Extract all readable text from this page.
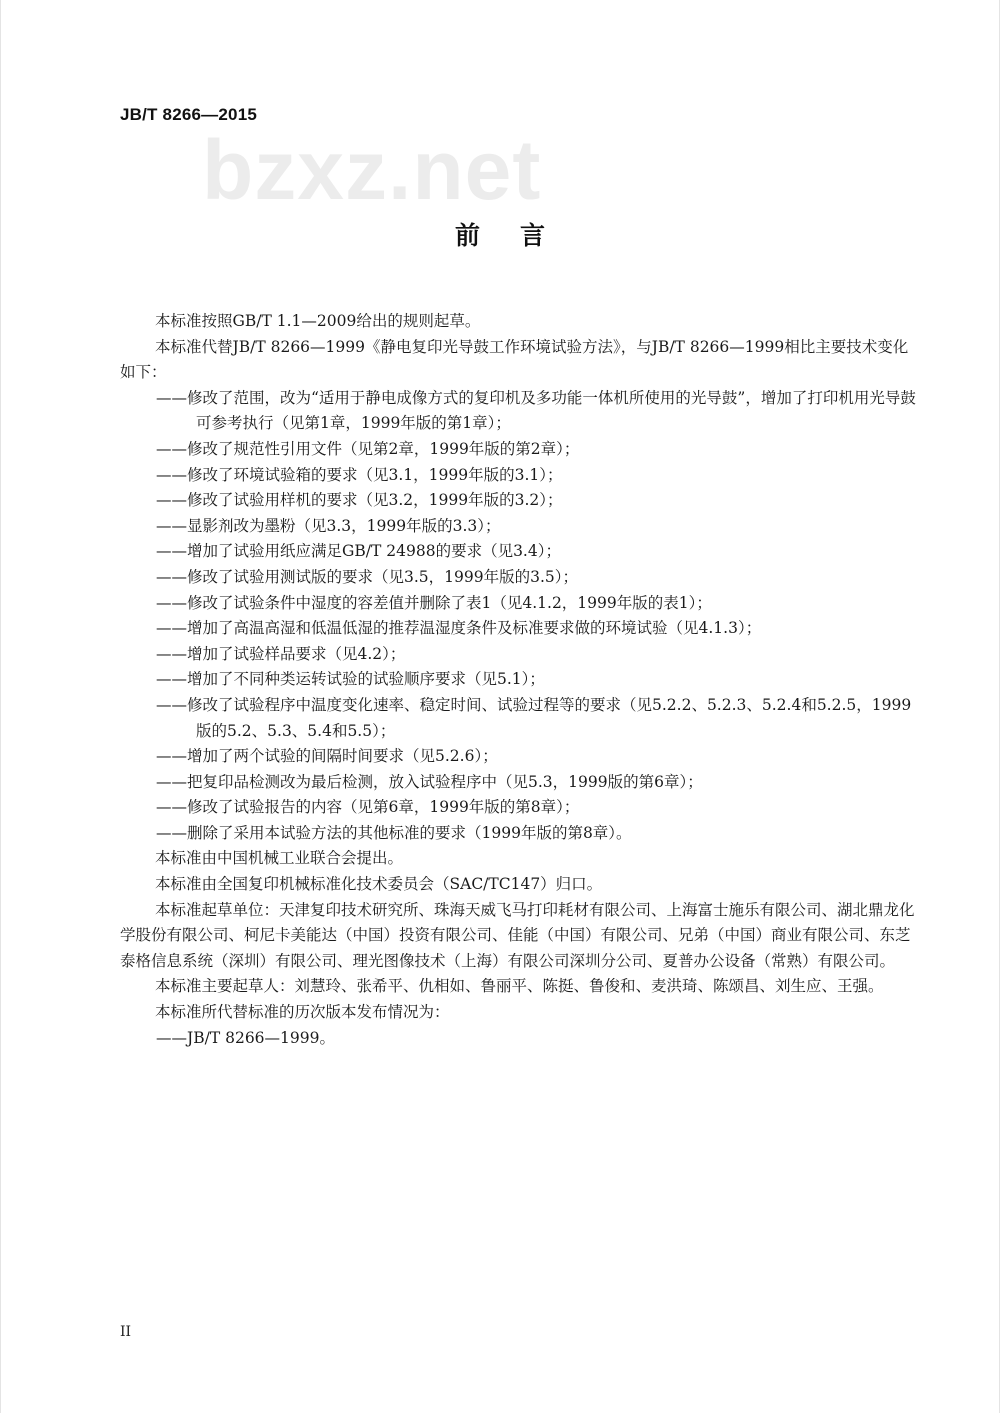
JB/T 8266—2015
bzxz.net
前言

本标准按照GB/T 1.1—2009给出的规则起草。

本标准代替JB/T 8266—1999《静电复印光导鼓工作环境试验方法》，与JB/T 8266—1999相比主要技术变化如下：

——修改了范围，改为“适用于静电成像方式的复印机及多功能一体机所使用的光导鼓”，增加了打印机用光导鼓可参考执行（见第1章，1999年版的第1章）；

——修改了规范性引用文件（见第2章，1999年版的第2章）；

——修改了环境试验箱的要求（见3.1，1999年版的3.1）；

——修改了试验用样机的要求（见3.2，1999年版的3.2）；

——显影剂改为墨粉（见3.3，1999年版的3.3）；

——增加了试验用纸应满足GB/T 24988的要求（见3.4）；

——修改了试验用测试版的要求（见3.5，1999年版的3.5）；

——修改了试验条件中湿度的容差值并删除了表1（见4.1.2，1999年版的表1）；

——增加了高温高湿和低温低湿的推荐温湿度条件及标准要求做的环境试验（见4.1.3）；

——增加了试验样品要求（见4.2）；

——增加了不同种类运转试验的试验顺序要求（见5.1）；

——修改了试验程序中温度变化速率、稳定时间、试验过程等的要求（见5.2.2、5.2.3、5.2.4和5.2.5，1999版的5.2、5.3、5.4和5.5）；

——增加了两个试验的间隔时间要求（见5.2.6）；

——把复印品检测改为最后检测，放入试验程序中（见5.3，1999版的第6章）；

——修改了试验报告的内容（见第6章，1999年版的第8章）；

——删除了采用本试验方法的其他标准的要求（1999年版的第8章）。

本标准由中国机械工业联合会提出。

本标准由全国复印机械标准化技术委员会（SAC/TC147）归口。

本标准起草单位：天津复印技术研究所、珠海天威飞马打印耗材有限公司、上海富士施乐有限公司、湖北鼎龙化学股份有限公司、柯尼卡美能达（中国）投资有限公司、佳能（中国）有限公司、兄弟（中国）商业有限公司、东芝泰格信息系统（深圳）有限公司、理光图像技术（上海）有限公司深圳分公司、夏普办公设备（常熟）有限公司。

本标准主要起草人：刘慧玲、张希平、仇相如、鲁丽平、陈挺、鲁俊和、麦洪琦、陈颂昌、刘生应、王强。

本标准所代替标准的历次版本发布情况为：

——JB/T 8266—1999。

II
